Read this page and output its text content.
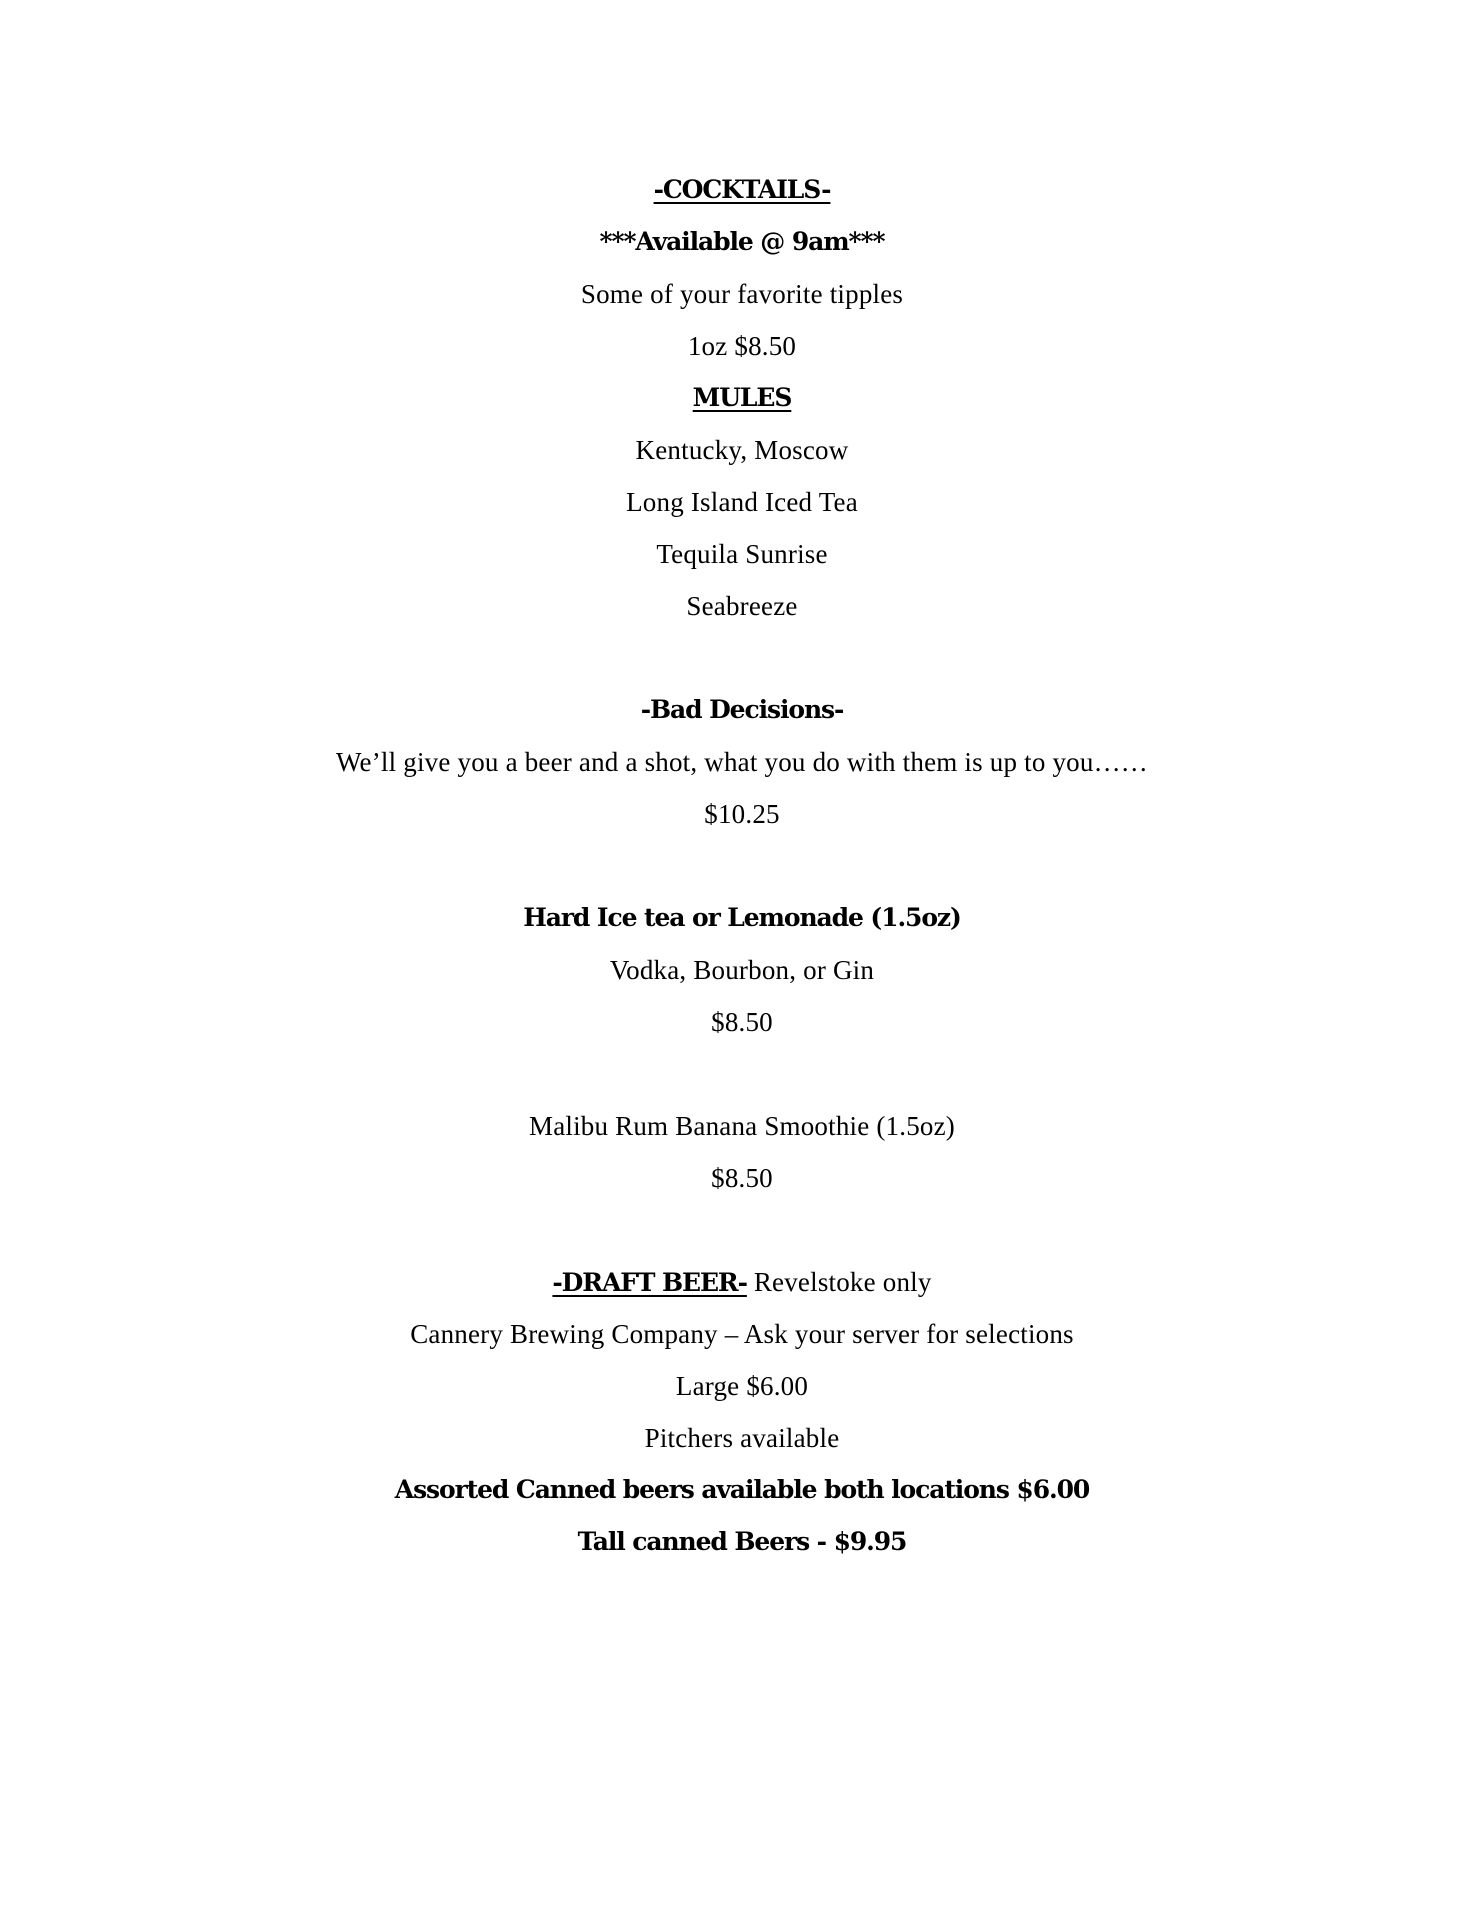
-COCKTAILS-
***Available @ 9am***
Some of your favorite tipples
1oz $8.50
MULES
Kentucky, Moscow
Long Island Iced Tea
Tequila Sunrise
Seabreeze
-Bad Decisions-
We’ll give you a beer and a shot, what you do with them is up to you……
$10.25
Hard Ice tea or Lemonade (1.5oz)
Vodka, Bourbon, or Gin
$8.50
Malibu Rum Banana Smoothie (1.5oz)
$8.50
-DRAFT BEER- Revelstoke only
Cannery Brewing Company – Ask your server for selections
Large $6.00
Pitchers available
Assorted Canned beers available both locations $6.00
Tall canned Beers - $9.95
